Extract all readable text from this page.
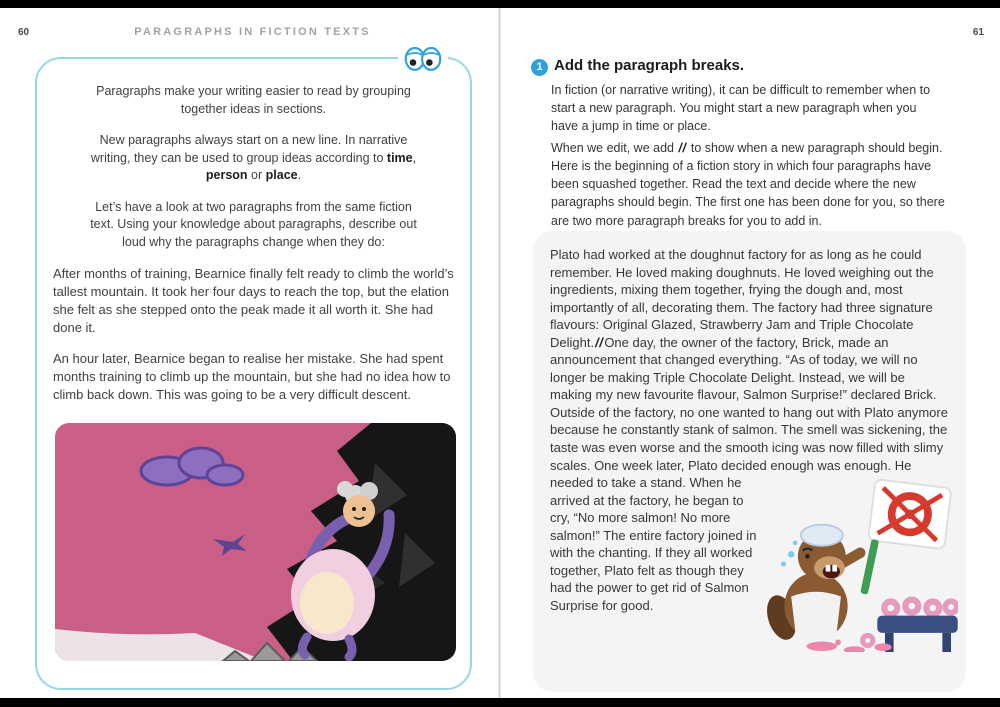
60	PARAGRAPHS IN FICTION TEXTS	61

Paragraphs make your writing easier to read by grouping together ideas in sections.

New paragraphs always start on a new line. In narrative writing, they can be used to group ideas according to time, person or place.

Let’s have a look at two paragraphs from the same fiction text. Using your knowledge about paragraphs, describe out loud why the paragraphs change when they do:

After months of training, Bearnice finally felt ready to climb the world’s tallest mountain. It took her four days to reach the top, but the elation she felt as she stepped onto the peak made it all worth it. She had done it.

An hour later, Bearnice began to realise her mistake. She had spent months training to climb up the mountain, but she had no idea how to climb back down. This was going to be a very difficult descent.

1 Add the paragraph breaks.

In fiction (or narrative writing), it can be difficult to remember when to start a new paragraph. You might start a new paragraph when you have a jump in time or place.

When we edit, we add // to show when a new paragraph should begin. Here is the beginning of a fiction story in which four paragraphs have been squashed together. Read the text and decide where the new paragraphs should begin. The first one has been done for you, so there are two more paragraph breaks for you to add in.

Plato had worked at the doughnut factory for as long as he could remember. He loved making doughnuts. He loved weighing out the ingredients, mixing them together, frying the dough and, most importantly of all, decorating them. The factory had three signature flavours: Original Glazed, Strawberry Jam and Triple Chocolate Delight.//One day, the owner of the factory, Brick, made an announcement that changed everything. “As of today, we will no longer be making Triple Chocolate Delight. Instead, we will be making my new favourite flavour, Salmon Surprise!” declared Brick. Outside of the factory, no one wanted to hang out with Plato anymore because he constantly stank of salmon. The smell was sickening, the taste was even worse and the smooth icing was now filled with slimy scales. One week later, Plato decided
enough was enough. He needed to take a stand. When he arrived at the factory, he began to cry, “No more salmon! No more salmon!” The entire factory joined in with the chanting. If they all worked together, Plato felt as though they had the power to get rid of Salmon Surprise for good.
